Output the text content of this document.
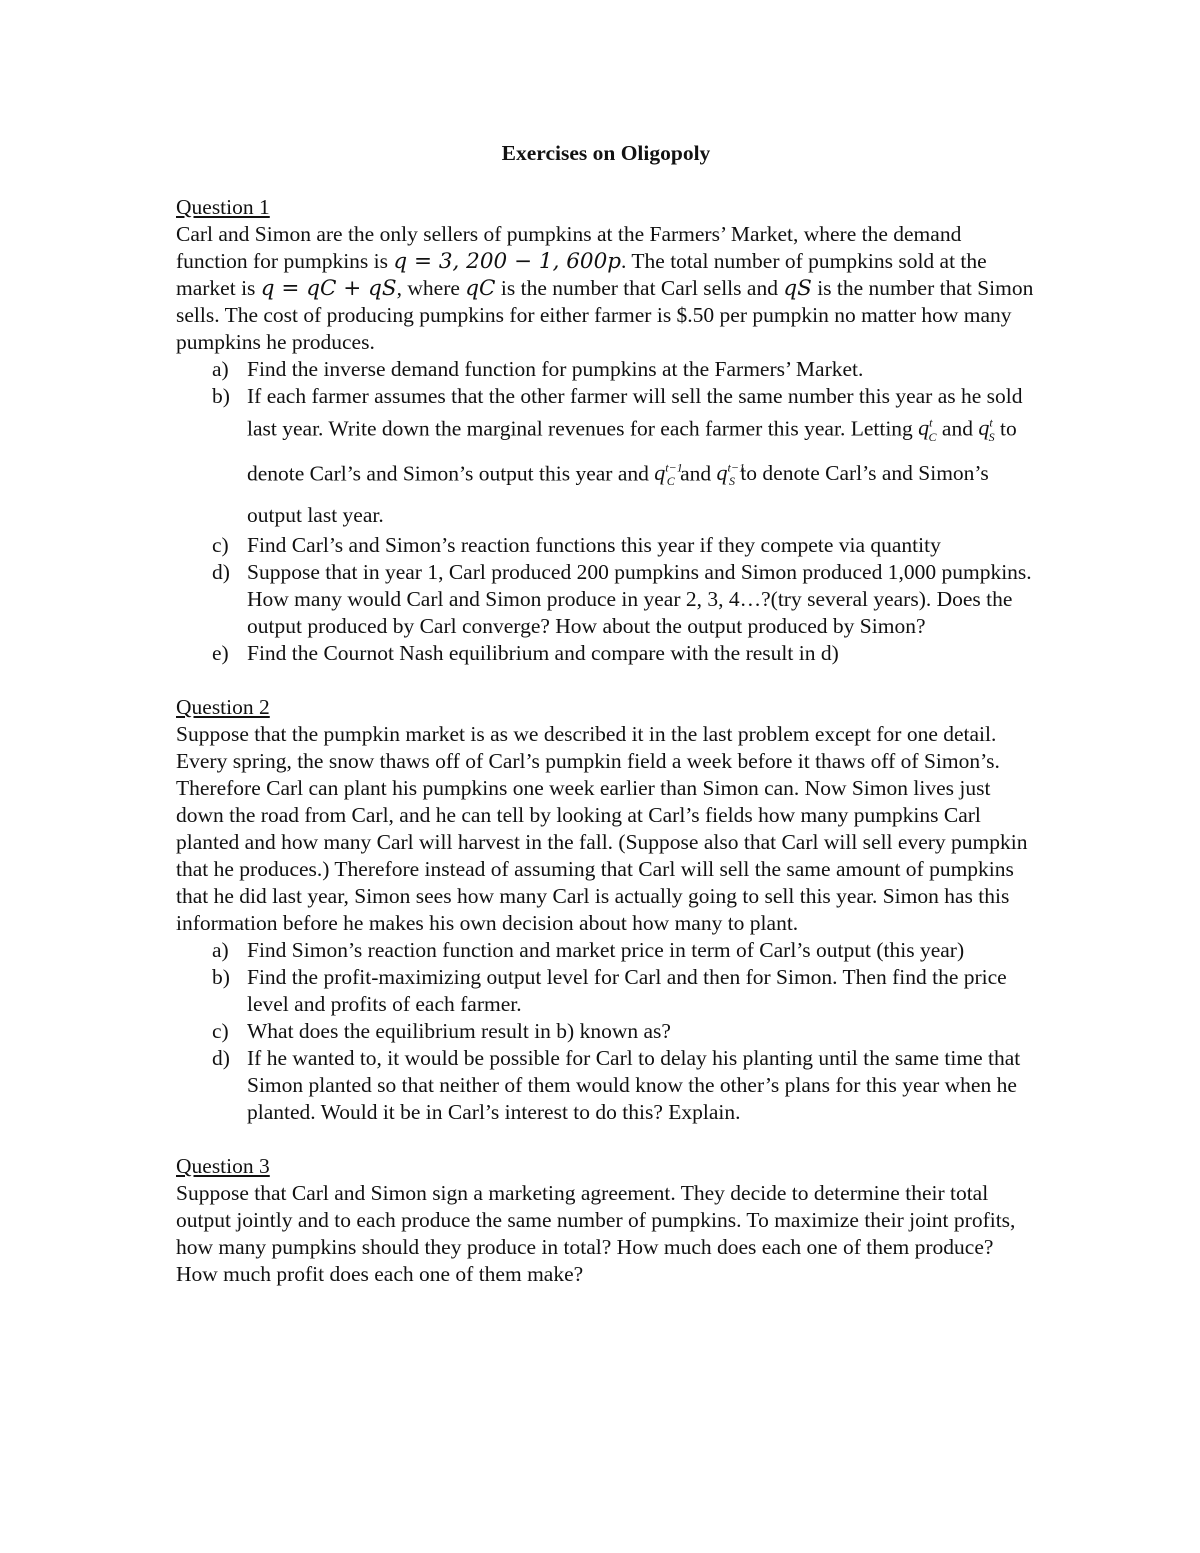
Exercises on Oligopoly

Question 1

Carl and Simon are the only sellers of pumpkins at the Farmers’ Market, where the demand function for pumpkins is q = 3, 200 − 1, 600p. The total number of pumpkins sold at the market is q = qC + qS, where qC is the number that Carl sells and qS is the number that Simon sells. The cost of producing pumpkins for either farmer is $.50 per pumpkin no matter how many pumpkins he produces.

a) Find the inverse demand function for pumpkins at the Farmers’ Market.
b) If each farmer assumes that the other farmer will sell the same number this year as he sold last year. Write down the marginal revenues for each farmer this year. Letting $q^t_C$ and $q^t_S$ to denote Carl’s and Simon’s output this year and $q^{t-1}_C$ and $q^{t-1}_S$ to denote Carl’s and Simon’s output last year.
c) Find Carl’s and Simon’s reaction functions this year if they compete via quantity
d) Suppose that in year 1, Carl produced 200 pumpkins and Simon produced 1,000 pumpkins. How many would Carl and Simon produce in year 2, 3, 4…?(try several years). Does the output produced by Carl converge? How about the output produced by Simon?
e) Find the Cournot Nash equilibrium and compare with the result in d)

Question 2

Suppose that the pumpkin market is as we described it in the last problem except for one detail. Every spring, the snow thaws off of Carl’s pumpkin field a week before it thaws off of Simon’s. Therefore Carl can plant his pumpkins one week earlier than Simon can. Now Simon lives just down the road from Carl, and he can tell by looking at Carl’s fields how many pumpkins Carl planted and how many Carl will harvest in the fall. (Suppose also that Carl will sell every pumpkin that he produces.) Therefore instead of assuming that Carl will sell the same amount of pumpkins that he did last year, Simon sees how many Carl is actually going to sell this year. Simon has this information before he makes his own decision about how many to plant.

a) Find Simon’s reaction function and market price in term of Carl’s output (this year)
b) Find the profit-maximizing output level for Carl and then for Simon. Then find the price level and profits of each farmer.
c) What does the equilibrium result in b) known as?
d) If he wanted to, it would be possible for Carl to delay his planting until the same time that Simon planted so that neither of them would know the other’s plans for this year when he planted. Would it be in Carl’s interest to do this? Explain.

Question 3

Suppose that Carl and Simon sign a marketing agreement. They decide to determine their total output jointly and to each produce the same number of pumpkins. To maximize their joint profits, how many pumpkins should they produce in total? How much does each one of them produce? How much profit does each one of them make?
